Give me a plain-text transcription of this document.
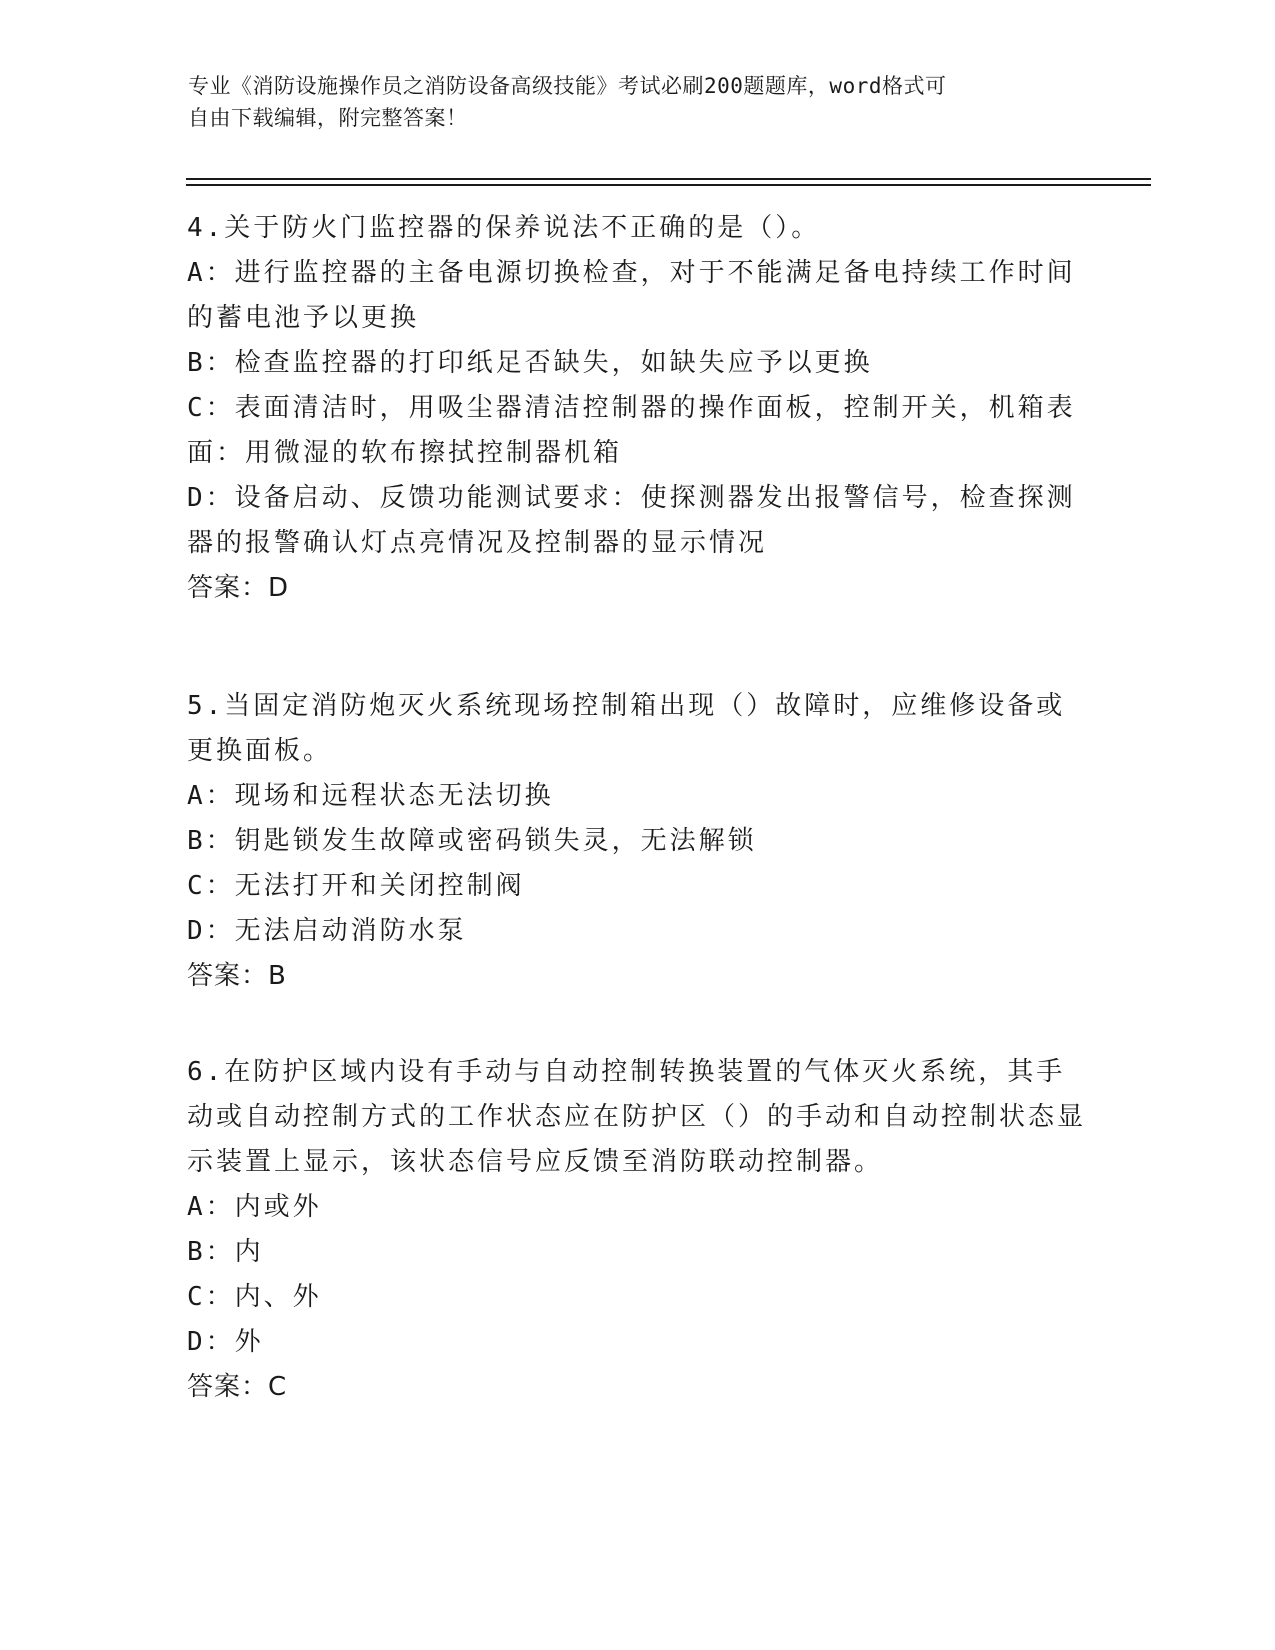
专业《消防设施操作员之消防设备高级技能》考试必刷200题题库，word格式可
自由下载编辑，附完整答案！

4.关于防火门监控器的保养说法不正确的是（）。

A：进行监控器的主备电源切换检查，对于不能满足备电持续工作时间的蓄电池予以更换

B：检查监控器的打印纸足否缺失，如缺失应予以更换

C：表面清洁时，用吸尘器清洁控制器的操作面板，控制开关，机箱表面：用微湿的软布擦拭控制器机箱

D：设备启动、反馈功能测试要求：使探测器发出报警信号，检查探测器的报警确认灯点亮情况及控制器的显示情况

答案：D

5.当固定消防炮灭火系统现场控制箱出现（）故障时，应维修设备或更换面板。

A：现场和远程状态无法切换

B：钥匙锁发生故障或密码锁失灵，无法解锁

C：无法打开和关闭控制阀

D：无法启动消防水泵

答案：B

6.在防护区域内设有手动与自动控制转换装置的气体灭火系统，其手动或自动控制方式的工作状态应在防护区（）的手动和自动控制状态显示装置上显示，该状态信号应反馈至消防联动控制器。

A：内或外

B：内

C：内、外

D：外

答案：C
